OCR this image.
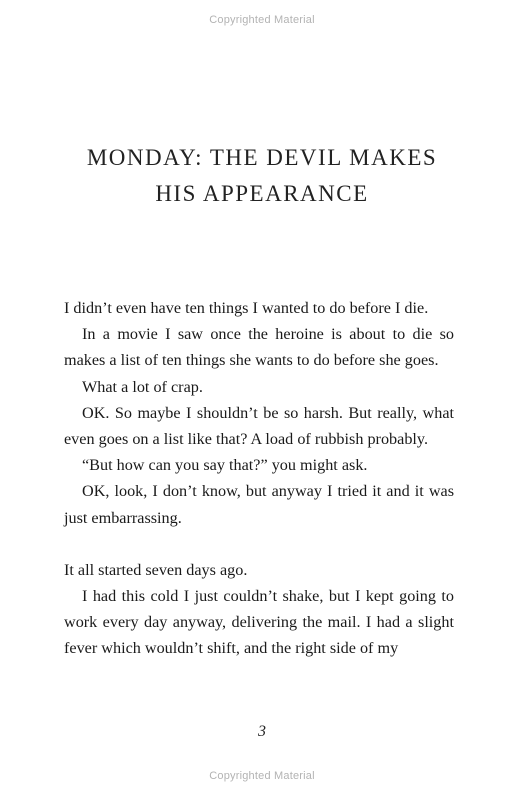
Copyrighted Material
MONDAY: THE DEVIL MAKES
HIS APPEARANCE

I didn’t even have ten things I wanted to do before I die.

In a movie I saw once the heroine is about to die so makes a list of ten things she wants to do before she goes.

What a lot of crap.

OK. So maybe I shouldn’t be so harsh. But really, what even goes on a list like that? A load of rubbish probably.

“But how can you say that?” you might ask.

OK, look, I don’t know, but anyway I tried it and it was just embarrassing.

It all started seven days ago.

I had this cold I just couldn’t shake, but I kept going to work every day anyway, delivering the mail. I had a slight fever which wouldn’t shift, and the right side of my

3
Copyrighted Material
